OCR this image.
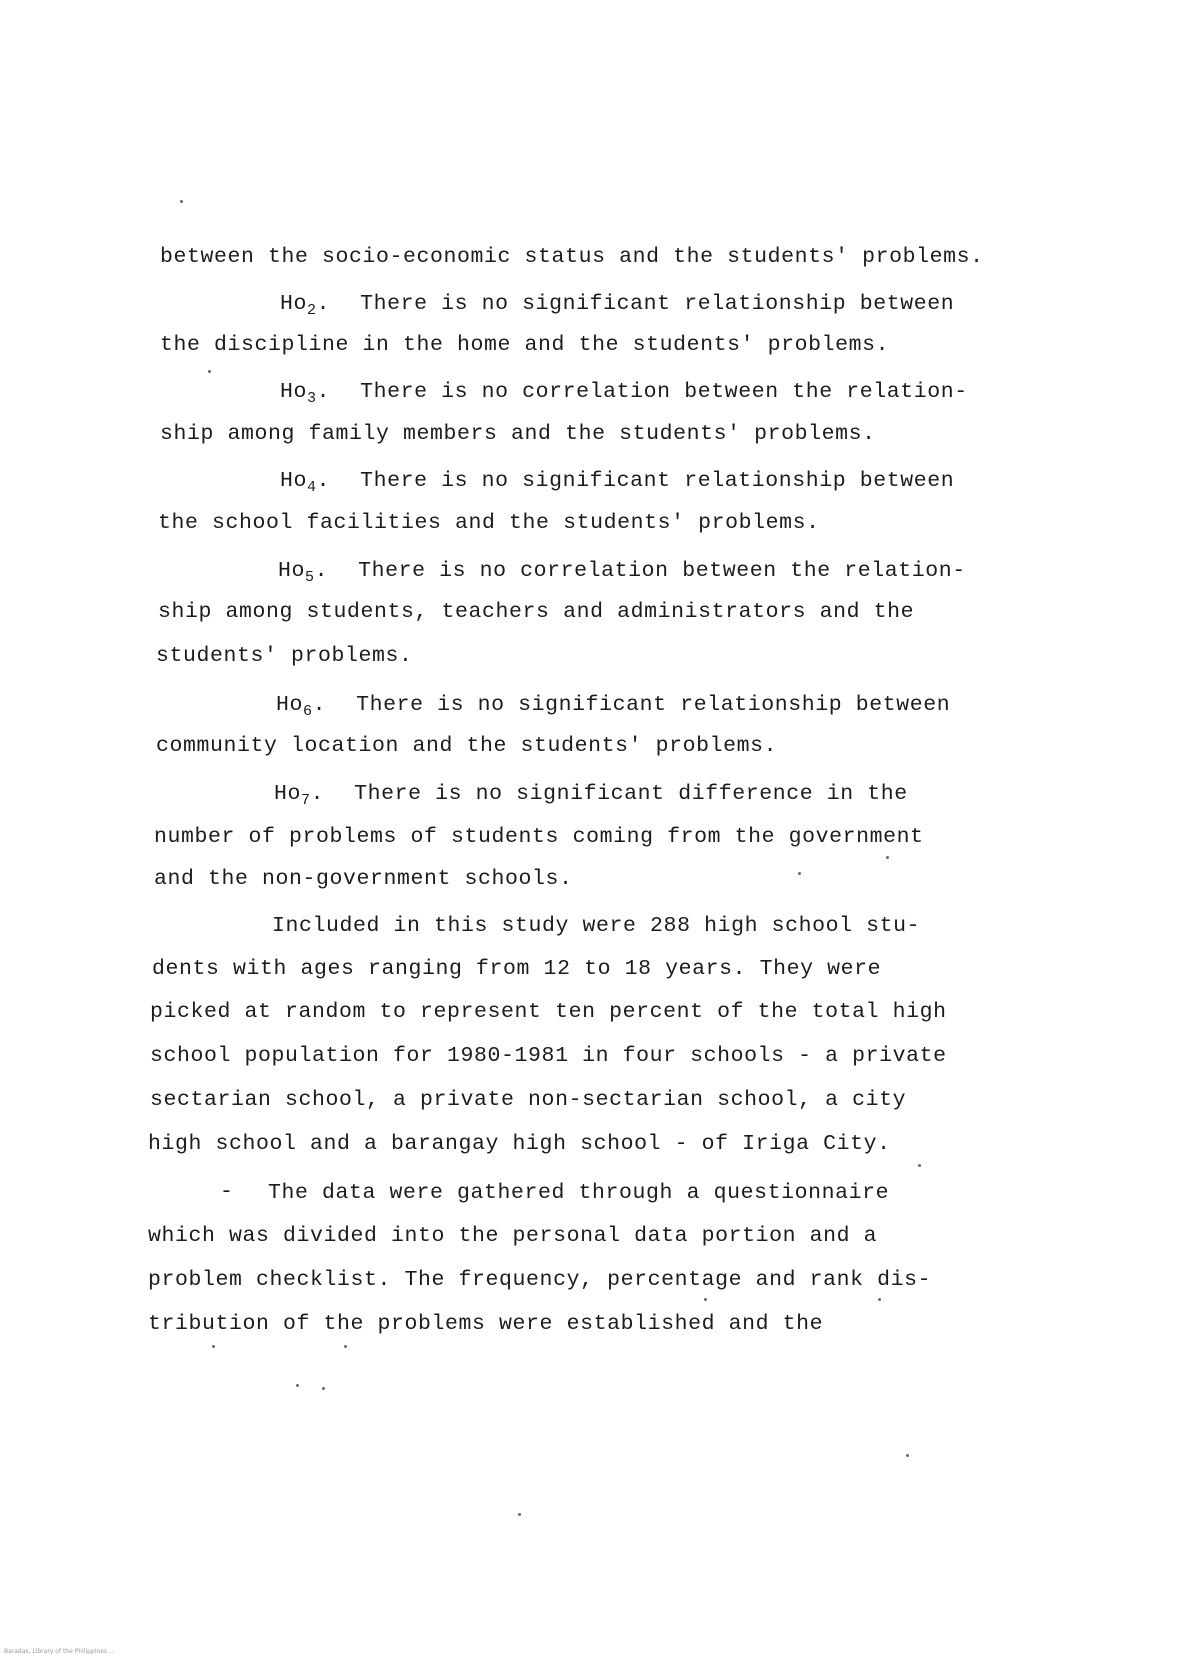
between the socio-economic status and the students' problems.
$Ho_2$. There is no significant relationship between
the discipline in the home and the students' problems.
$Ho_3$. There is no correlation between the relation-
ship among family members and the students' problems.
$Ho_4$. There is no significant relationship between
the school facilities and the students' problems.
$Ho_5$. There is no correlation between the relation-
ship among students, teachers and administrators and the
students' problems.
$Ho_6$. There is no significant relationship between
community location and the students' problems.
$Ho_7$. There is no significant difference in the
number of problems of students coming from the government
and the non-government schools.
Included in this study were 288 high school stu-
dents with ages ranging from 12 to 18 years. They were
picked at random to represent ten percent of the total high
school population for 1980-1981 in four schools - a private
sectarian school, a private non-sectarian school, a city
high school and a barangay high school - of Iriga City.
- The data were gathered through a questionnaire
which was divided into the personal data portion and a
problem checklist. The frequency, percentage and rank dis-
tribution of the problems were established and the
Baradas, Library of the Philippines ...
